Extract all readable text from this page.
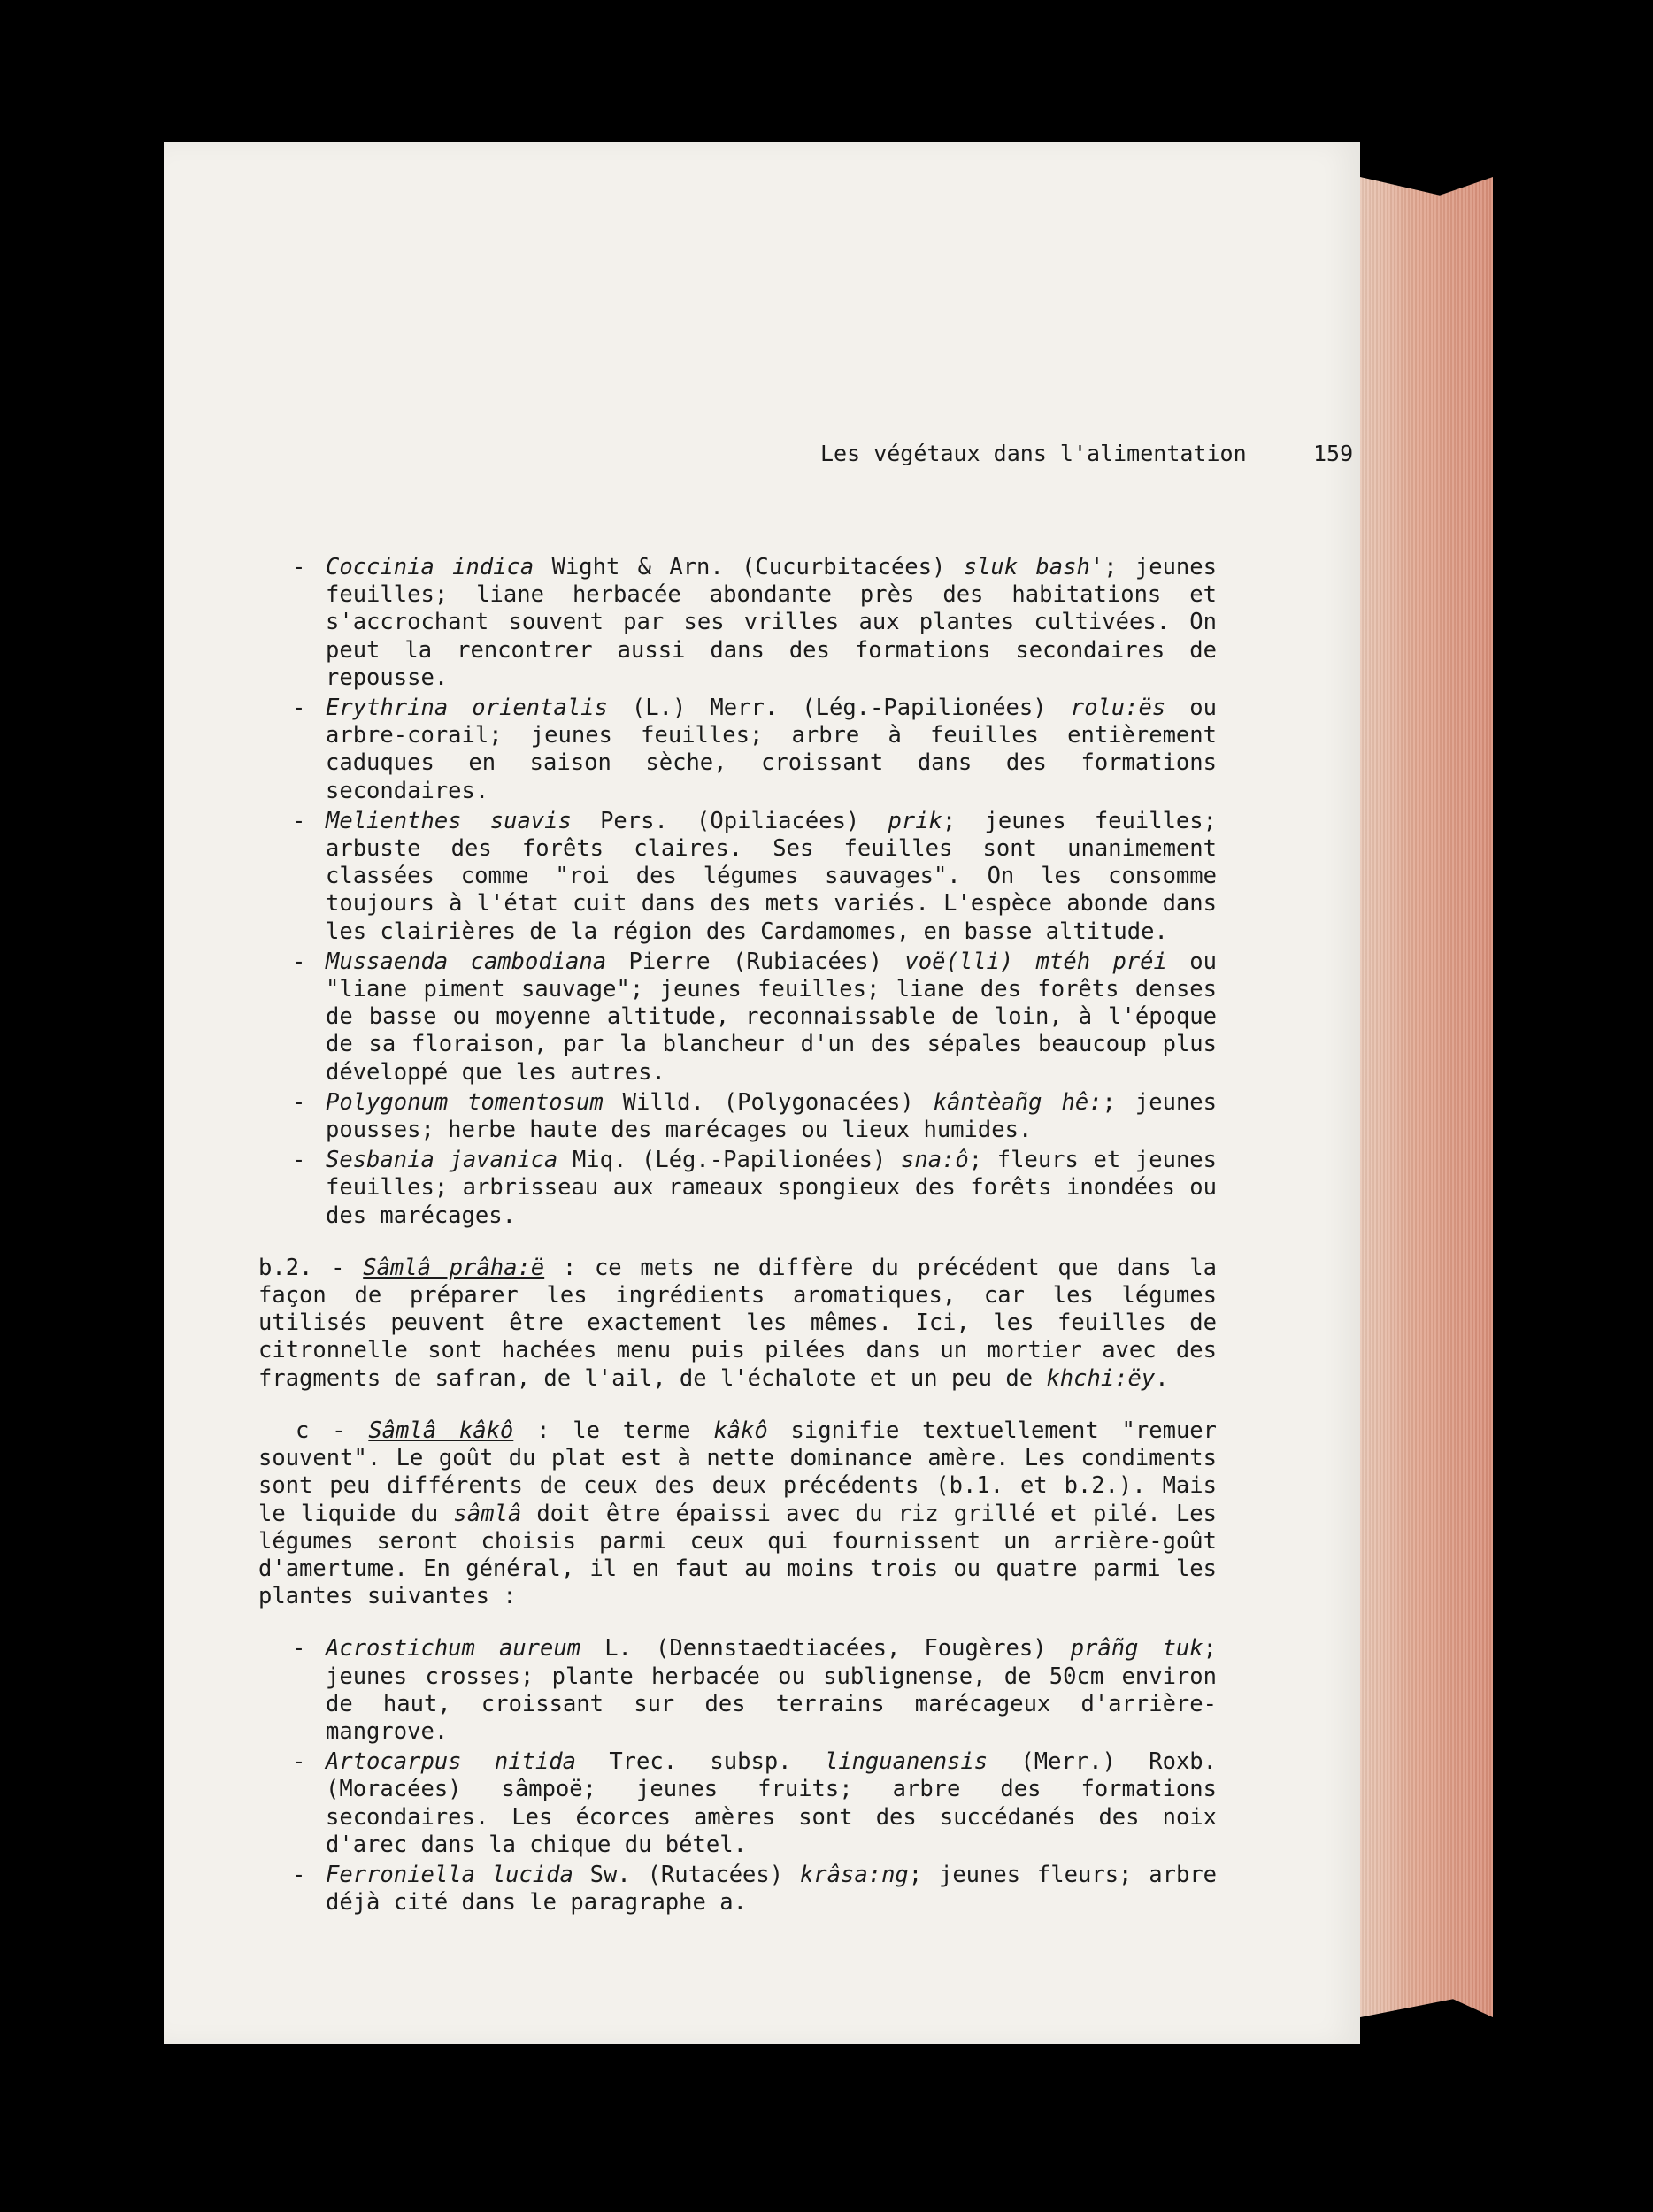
Les végétaux dans l'alimentation	159
- Coccinia indica Wight & Arn. (Cucurbitacées) sluk bash'; jeunes feuilles; liane herbacée abondante près des habitations et s'accrochant souvent par ses vrilles aux plantes cultivées. On peut la rencontrer aussi dans des formations secondaires de repousse.
- Erythrina orientalis (L.) Merr. (Lég.-Papilionées) rolu:ës ou arbre-corail; jeunes feuilles; arbre à feuilles entièrement caduques en saison sèche, croissant dans des formations secondaires.
- Melienthes suavis Pers. (Opiliacées) prik; jeunes feuilles; arbuste des forêts claires. Ses feuilles sont unanimement classées comme "roi des légumes sauvages". On les consomme toujours à l'état cuit dans des mets variés. L'espèce abonde dans les clairières de la région des Cardamomes, en basse altitude.
- Mussaenda cambodiana Pierre (Rubiacées) voë(lli) mtéh préi ou "liane piment sauvage"; jeunes feuilles; liane des forêts denses de basse ou moyenne altitude, reconnaissable de loin, à l'époque de sa floraison, par la blancheur d'un des sépales beaucoup plus développé que les autres.
- Polygonum tomentosum Willd. (Polygonacées) kântèañg hê:; jeunes pousses; herbe haute des marécages ou lieux humides.
- Sesbania javanica Miq. (Lég.-Papilionées) sna:ô; fleurs et jeunes feuilles; arbrisseau aux rameaux spongieux des forêts inondées ou des marécages.
b.2. - Sâmlâ prâha:ë : ce mets ne diffère du précédent que dans la façon de préparer les ingrédients aromatiques, car les légumes utilisés peuvent être exactement les mêmes. Ici, les feuilles de citronnelle sont hachées menu puis pilées dans un mortier avec des fragments de safran, de l'ail, de l'échalote et un peu de khchi:ëy.
c - Sâmlâ kâkô : le terme kâkô signifie textuellement "remuer souvent". Le goût du plat est à nette dominance amère. Les condiments sont peu différents de ceux des deux précédents (b.1. et b.2.). Mais le liquide du sâmlâ doit être épaissi avec du riz grillé et pilé. Les légumes seront choisis parmi ceux qui fournissent un arrière-goût d'amertume. En général, il en faut au moins trois ou quatre parmi les plantes suivantes :
- Acrostichum aureum L. (Dennstaedtiacées, Fougères) prâñg tuk; jeunes crosses; plante herbacée ou sublignense, de 50cm environ de haut, croissant sur des terrains marécageux d'arrière-mangrove.
- Artocarpus nitida Trec. subsp. linguanensis (Merr.) Roxb. (Moracées) sâmpoë; jeunes fruits; arbre des formations secondaires. Les écorces amères sont des succédanés des noix d'arec dans la chique du bétel.
- Ferroniella lucida Sw. (Rutacées) krâsa:ng; jeunes fleurs; arbre déjà cité dans le paragraphe a.
